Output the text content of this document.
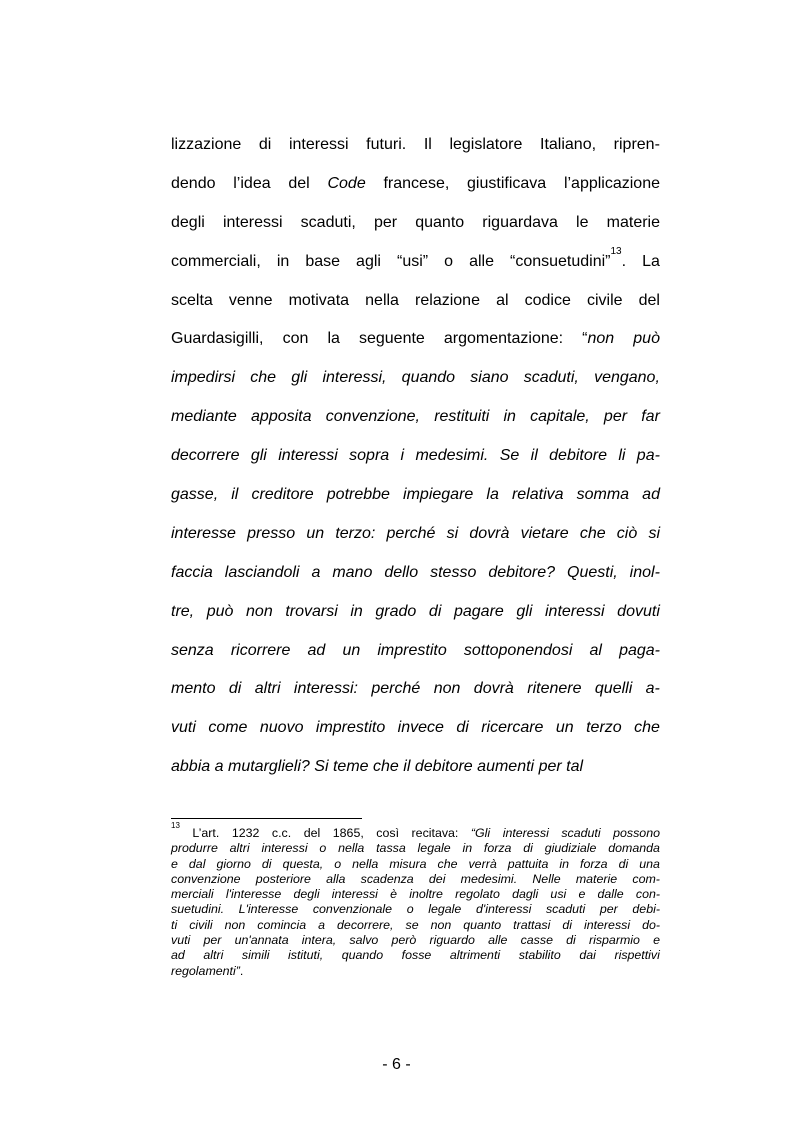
lizzazione di interessi futuri. Il legislatore Italiano, ripren-
dendo l’idea del Code francese, giustificava l’applicazione
degli interessi scaduti, per quanto riguardava le materie
commerciali, in base agli “usi” o alle “consuetudini”$^{13}$. La
scelta venne motivata nella relazione al codice civile del
Guardasigilli, con la seguente argomentazione: “non può
impedirsi che gli interessi, quando siano scaduti, vengano,
mediante apposita convenzione, restituiti in capitale, per far
decorrere gli interessi sopra i medesimi. Se il debitore li pa-
gasse, il creditore potrebbe impiegare la relativa somma ad
interesse presso un terzo: perché si dovrà vietare che ciò si
faccia lasciandoli a mano dello stesso debitore? Questi, inol-
tre, può non trovarsi in grado di pagare gli interessi dovuti
senza ricorrere ad un imprestito sottoponendosi al paga-
mento di altri interessi: perché non dovrà ritenere quelli a-
vuti come nuovo imprestito invece di ricercare un terzo che
abbia a mutarglieli? Si teme che il debitore aumenti per tal
$^{13}$
L’art. 1232 c.c. del 1865, così recitava: “Gli interessi scaduti possono
produrre altri interessi o nella tassa legale in forza di giudiziale domanda
e dal giorno di questa, o nella misura che verrà pattuita in forza di una
convenzione posteriore alla scadenza dei medesimi. Nelle materie com-
merciali l'interesse degli interessi è inoltre regolato dagli usi e dalle con-
suetudini. L'interesse convenzionale o legale d'interessi scaduti per debi-
ti civili non comincia a decorrere, se non quanto trattasi di interessi do-
vuti per un'annata intera, salvo però riguardo alle casse di risparmio e
ad altri simili istituti, quando fosse altrimenti stabilito dai rispettivi
regolamenti”.
- 6 -
